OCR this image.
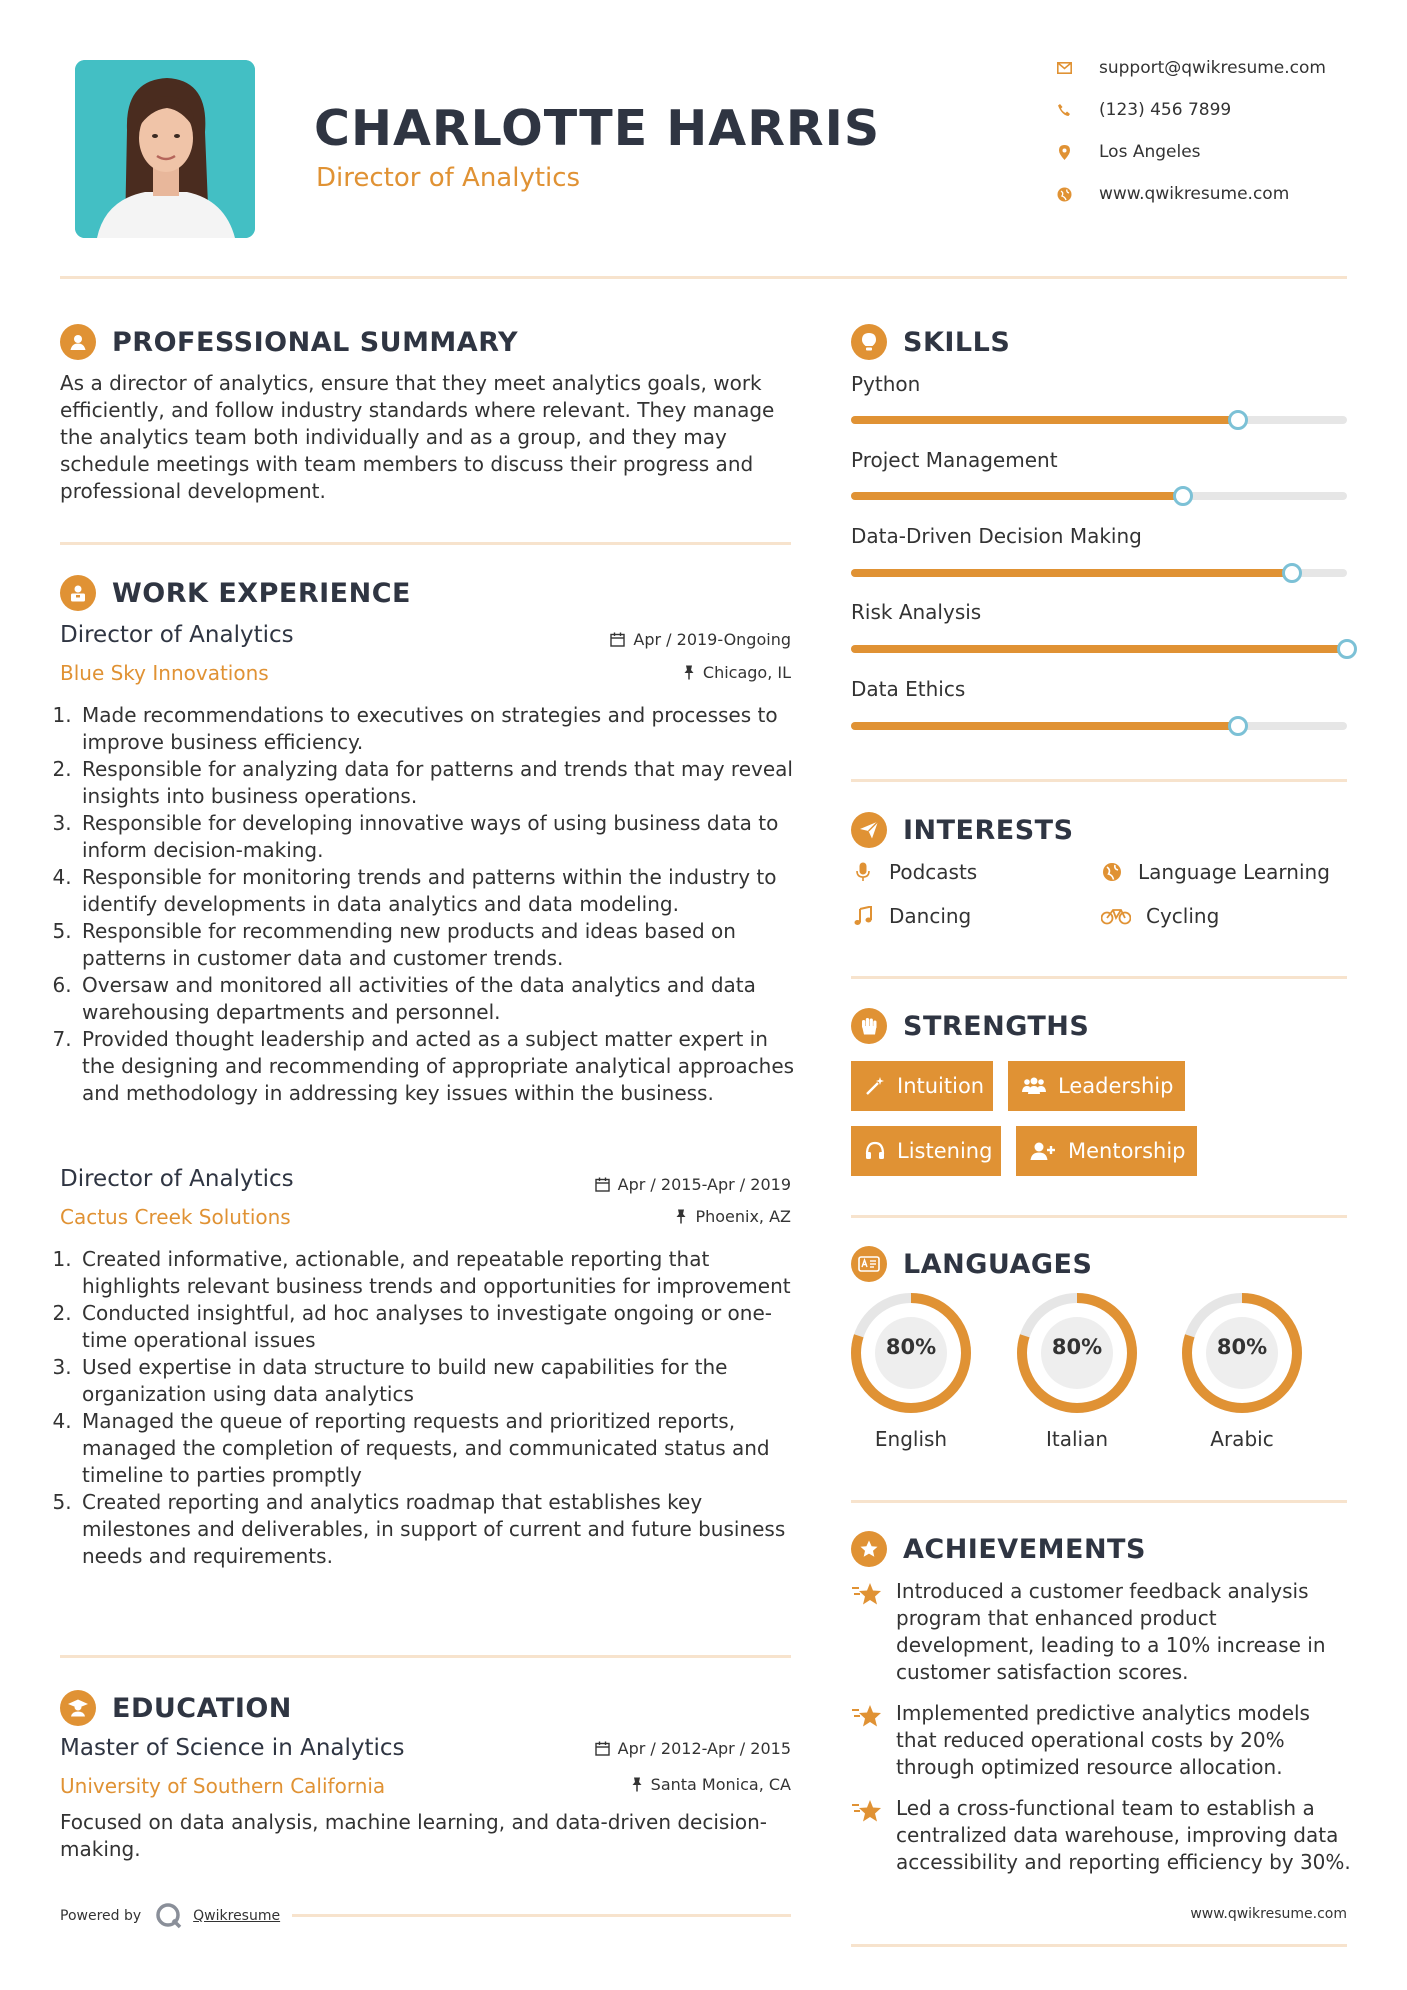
CHARLOTTE HARRIS
Director of Analytics
support@qwikresume.com
(123) 456 7899
Los Angeles
www.qwikresume.com
PROFESSIONAL SUMMARY
As a director of analytics, ensure that they meet analytics goals, work efficiently, and follow industry standards where relevant. They manage the analytics team both individually and as a group, and they may schedule meetings with team members to discuss their progress and professional development.
WORK EXPERIENCE
Director of Analytics	Apr / 2019-Ongoing
Blue Sky Innovations	Chicago, IL
1. Made recommendations to executives on strategies and processes to improve business efficiency.
2. Responsible for analyzing data for patterns and trends that may reveal insights into business operations.
3. Responsible for developing innovative ways of using business data to inform decision-making.
4. Responsible for monitoring trends and patterns within the industry to identify developments in data analytics and data modeling.
5. Responsible for recommending new products and ideas based on patterns in customer data and customer trends.
6. Oversaw and monitored all activities of the data analytics and data warehousing departments and personnel.
7. Provided thought leadership and acted as a subject matter expert in the designing and recommending of appropriate analytical approaches and methodology in addressing key issues within the business.
Director of Analytics	Apr / 2015-Apr / 2019
Cactus Creek Solutions	Phoenix, AZ
1. Created informative, actionable, and repeatable reporting that highlights relevant business trends and opportunities for improvement
2. Conducted insightful, ad hoc analyses to investigate ongoing or one-time operational issues
3. Used expertise in data structure to build new capabilities for the organization using data analytics
4. Managed the queue of reporting requests and prioritized reports, managed the completion of requests, and communicated status and timeline to parties promptly
5. Created reporting and analytics roadmap that establishes key milestones and deliverables, in support of current and future business needs and requirements.
EDUCATION
Master of Science in Analytics	Apr / 2012-Apr / 2015
University of Southern California	Santa Monica, CA
Focused on data analysis, machine learning, and data-driven decision-making.
SKILLS
Python
Project Management
Data-Driven Decision Making
Risk Analysis
Data Ethics
INTERESTS
Podcasts	Language Learning
Dancing	Cycling
STRENGTHS
Intuition	Leadership
Listening	Mentorship
LANGUAGES
80%
English
80%
Italian
80%
Arabic
ACHIEVEMENTS
Introduced a customer feedback analysis program that enhanced product development, leading to a 10% increase in customer satisfaction scores.
Implemented predictive analytics models that reduced operational costs by 20% through optimized resource allocation.
Led a cross-functional team to establish a centralized data warehouse, improving data accessibility and reporting efficiency by 30%.
Powered by	Qwikresume	www.qwikresume.com
